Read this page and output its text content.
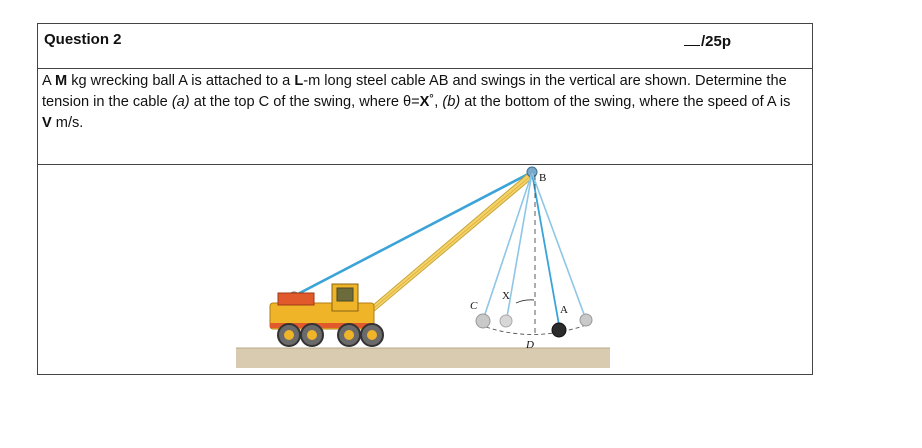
Question 2	/25p
A M kg wrecking ball A is attached to a L-m long steel cable AB and swings in the vertical are shown. Determine the tension in the cable (a) at the top C of the swing, where θ=X˚, (b) at the bottom of the swing, where the speed of A is V m/s.
B
X
C	A
D
